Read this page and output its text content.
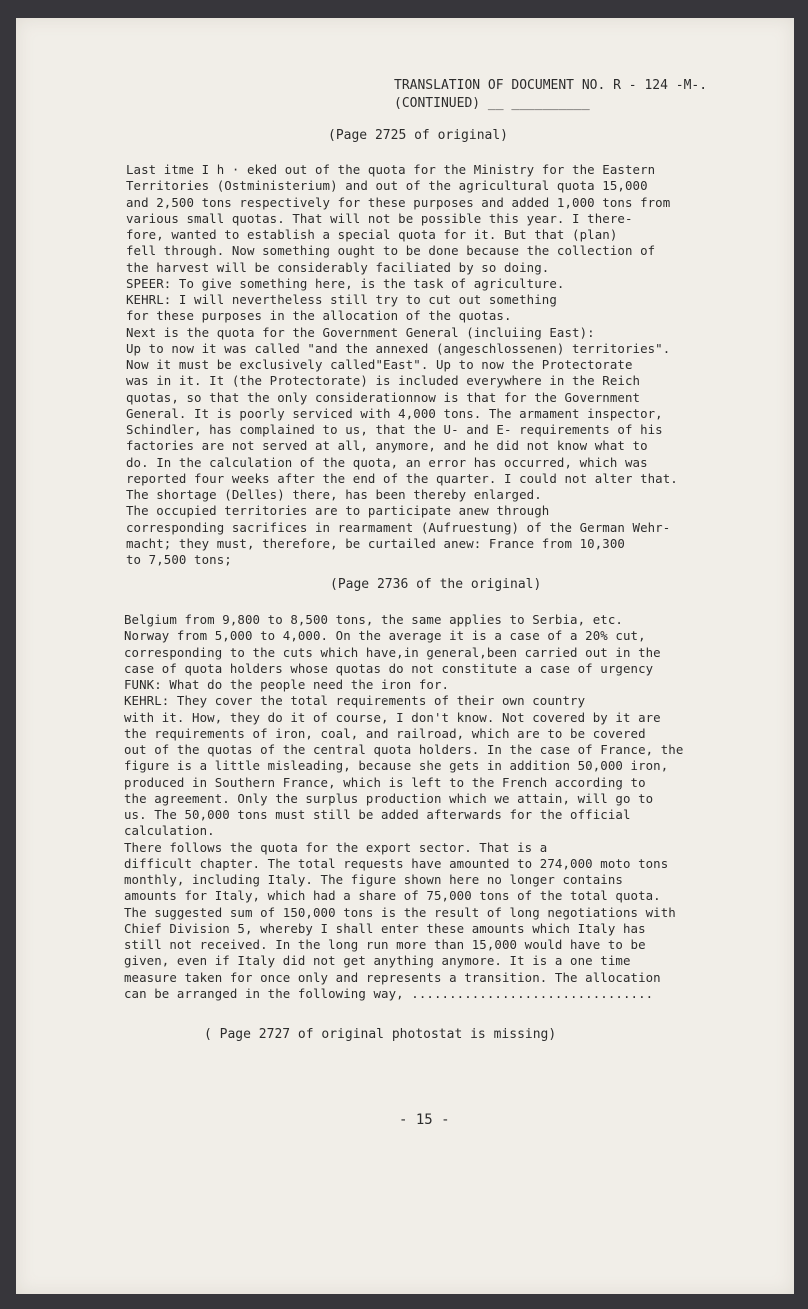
TRANSLATION OF DOCUMENT NO. R - 124 -M-.
(CONTINUED) __ __________
(Page 2725 of original)
Last itme I h · eked out of the quota for the Ministry for the Eastern
Territories (Ostministerium) and out of the agricultural quota 15,000
and 2,500 tons respectively for these purposes and added 1,000 tons from
various small quotas. That will not be possible this year. I there-
fore, wanted to establish a special quota for it. But that (plan)
fell through. Now something ought to be done because the collection of
the harvest will be considerably faciliated by so doing.
SPEER: To give something here, is the task of agriculture.
KEHRL: I will nevertheless still try to cut out something
for these purposes in the allocation of the quotas.
Next is the quota for the Government General (incluiing East):
Up to now it was called "and the annexed (angeschlossenen) territories".
Now it must be exclusively called"East". Up to now the Protectorate
was in it. It (the Protectorate) is included everywhere in the Reich
quotas, so that the only considerationnow is that for the Government
General. It is poorly serviced with 4,000 tons. The armament inspector,
Schindler, has complained to us, that the U- and E- requirements of his
factories are not served at all, anymore, and he did not know what to
do. In the calculation of the quota, an error has occurred, which was
reported four weeks after the end of the quarter. I could not alter that.
The shortage (Delles) there, has been thereby enlarged.
The occupied territories are to participate anew through
corresponding sacrifices in rearmament (Aufruestung) of the German Wehr-
macht; they must, therefore, be curtailed anew: France from 10,300
to 7,500 tons;
(Page 2736 of the original)
Belgium from 9,800 to 8,500 tons, the same applies to Serbia, etc.
Norway from 5,000 to 4,000. On the average it is a case of a 20% cut,
corresponding to the cuts which have,in general,been carried out in the
case of quota holders whose quotas do not constitute a case of urgency
FUNK: What do the people need the iron for.
KEHRL: They cover the total requirements of their own country
with it. How, they do it of course, I don't know. Not covered by it are
the requirements of iron, coal, and railroad, which are to be covered
out of the quotas of the central quota holders. In the case of France, the
figure is a little misleading, because she gets in addition 50,000 iron,
produced in Southern France, which is left to the French according to
the agreement. Only the surplus production which we attain, will go to
us. The 50,000 tons must still be added afterwards for the official
calculation.
There follows the quota for the export sector. That is a
difficult chapter. The total requests have amounted to 274,000 moto tons
monthly, including Italy. The figure shown here no longer contains
amounts for Italy, which had a share of 75,000 tons of the total quota.
The suggested sum of 150,000 tons is the result of long negotiations with
Chief Division 5, whereby I shall enter these amounts which Italy has
still not received. In the long run more than 15,000 would have to be
given, even if Italy did not get anything anymore. It is a one time
measure taken for once only and represents a transition. The allocation
can be arranged in the following way, ................................
( Page 2727 of original photostat is missing)
- 15 -
